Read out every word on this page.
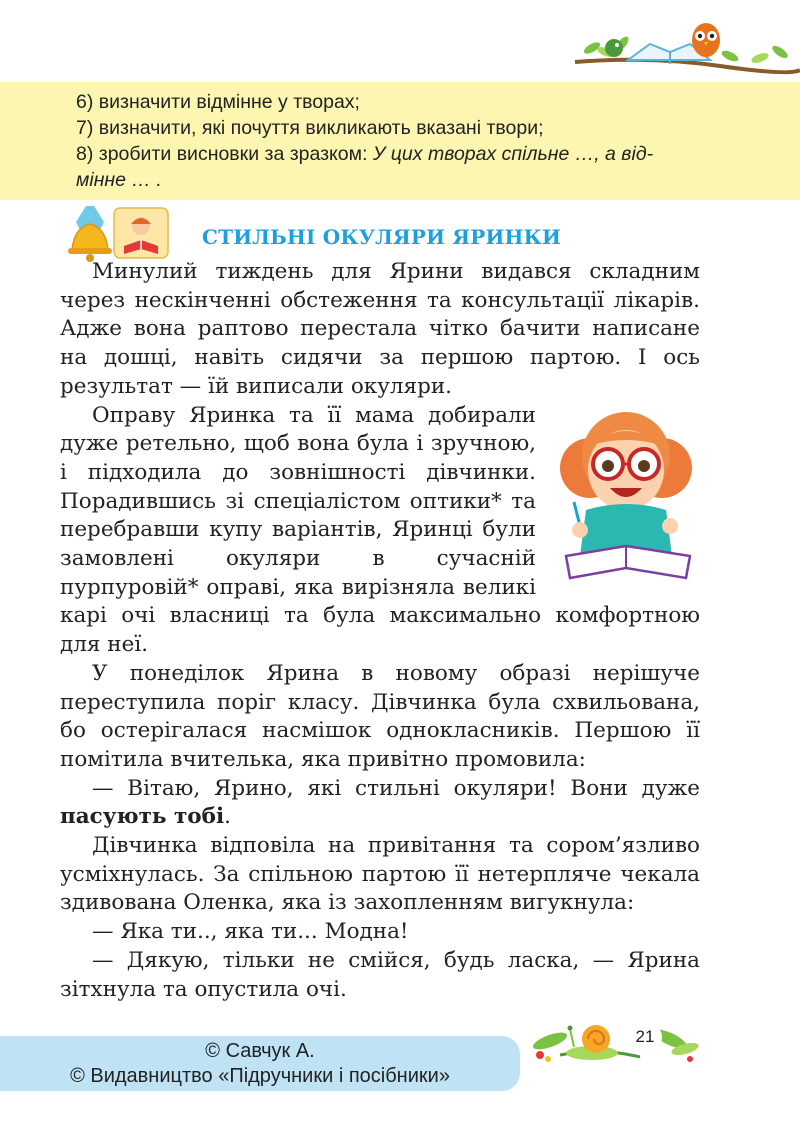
6) визначити відмінне у творах;
7) визначити, які почуття викликають вказані твори;
8) зробити висновки за зразком: У цих творах спільне …, а від-
мінне … .
СТИЛЬНІ ОКУЛЯРИ ЯРИНКИ

Минулий тиждень для Ярини видався складним через нескінченні обстеження та консультації лікарів. Адже вона раптово перестала чітко бачити написане на дошці, навіть сидячи за першою партою. І ось результат — їй виписали окуляри.

Оправу Яринка та її мама добирали дуже ретельно, щоб вона була і зручною, і підходила до зовнішності дівчинки. Порадившись зі спеціалістом оптики* та перебравши купу варіантів, Яринці були замовлені окуляри в сучасній пурпуровій* оправі, яка вирізняла великі карі очі власниці та була максимально комфортною для неї.

У понеділок Ярина в новому образі нерішуче переступила поріг класу. Дівчинка була схвильована, бо остерігалася насмішок однокласників. Першою її помітила вчителька, яка привітно промовила:

— Вітаю, Ярино, які стильні окуляри! Вони дуже пасують тобі.

Дівчинка відповіла на привітання та сором’язливо усміхнулась. За спільною партою її нетерпляче чекала здивована Оленка, яка із захопленням вигукнула:

— Яка ти.., яка ти... Модна!

— Дякую, тільки не смійся, будь ласка, — Ярина зітхнула та опустила очі.

© Савчук А.
© Видавництво «Підручники і посібники»
21
